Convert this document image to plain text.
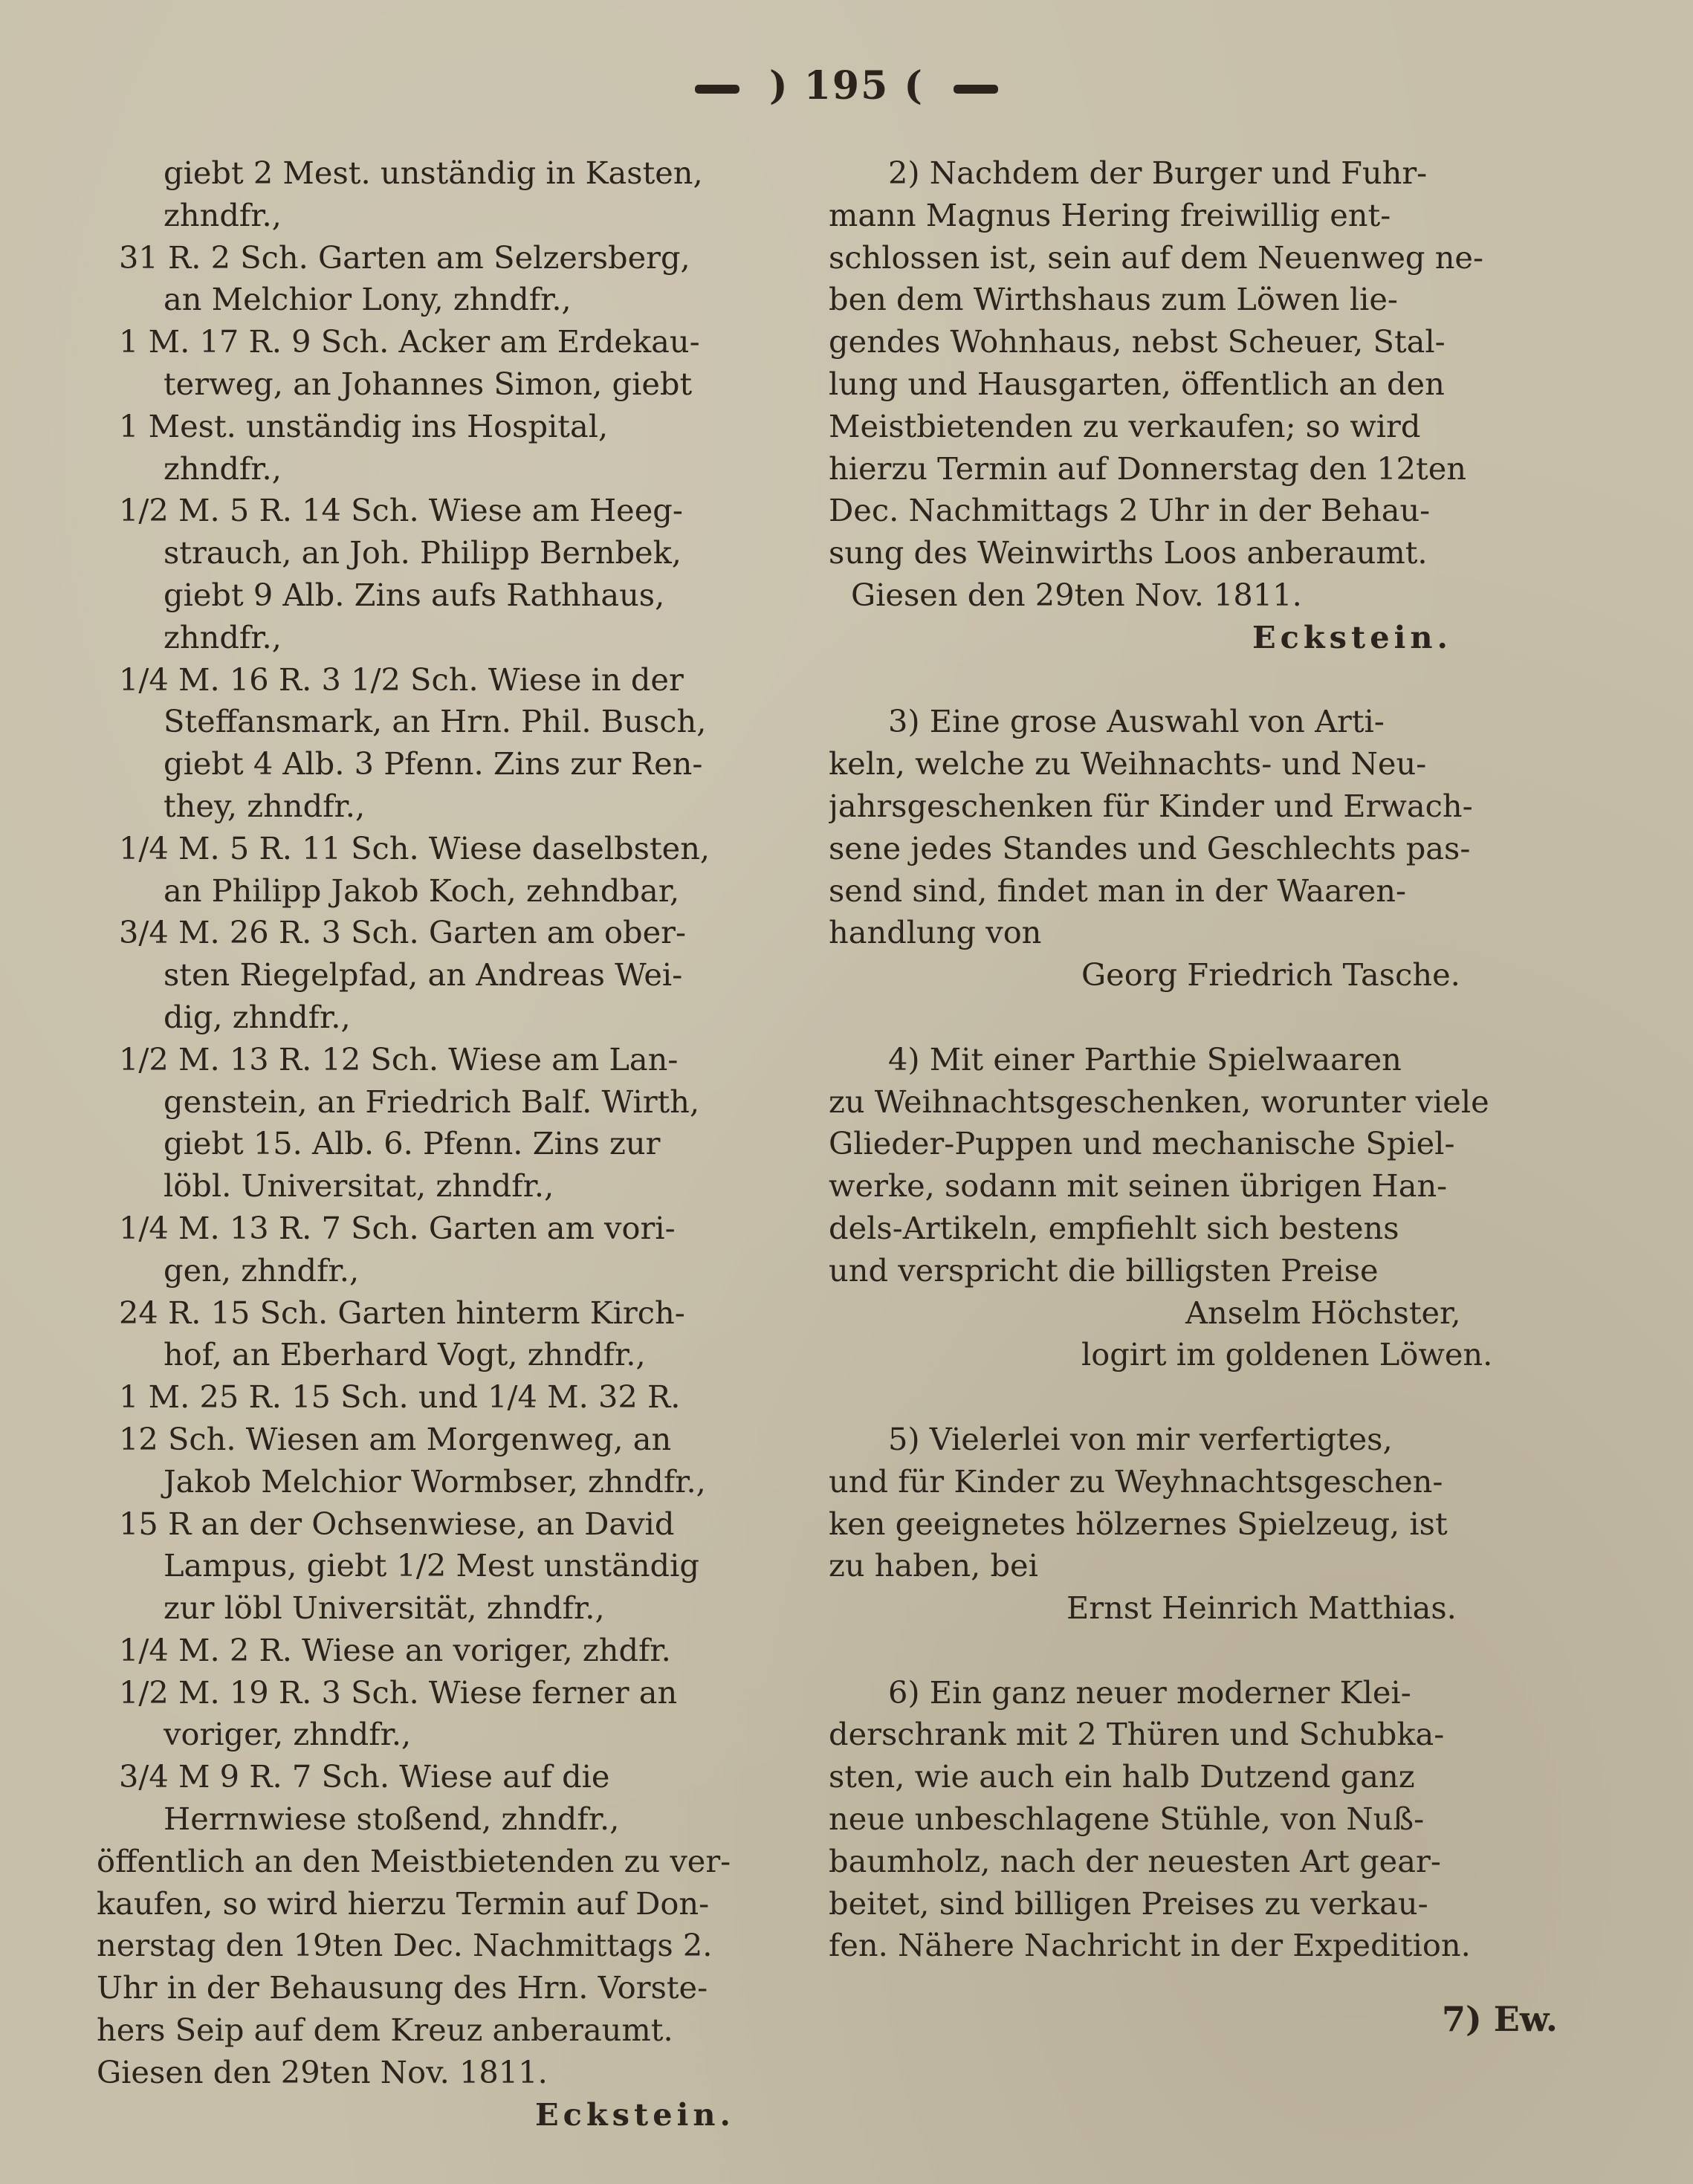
) 195 (
giebt 2 Mest. unständig in Kasten,
zhndfr.,
31 R. 2 Sch. Garten am Selzersberg,
an Melchior Lony, zhndfr.,
1 M. 17 R. 9 Sch. Acker am Erdekau-
terweg, an Johannes Simon, giebt
1 Mest. unständig ins Hospital,
zhndfr.,
1/2 M. 5 R. 14 Sch. Wiese am Heeg-
strauch, an Joh. Philipp Bernbek,
giebt 9 Alb. Zins aufs Rathhaus,
zhndfr.,
1/4 M. 16 R. 3 1/2 Sch. Wiese in der
Steffansmark, an Hrn. Phil. Busch,
giebt 4 Alb. 3 Pfenn. Zins zur Ren-
they, zhndfr.,
1/4 M. 5 R. 11 Sch. Wiese daselbsten,
an Philipp Jakob Koch, zehndbar,
3/4 M. 26 R. 3 Sch. Garten am ober-
sten Riegelpfad, an Andreas Wei-
dig, zhndfr.,
1/2 M. 13 R. 12 Sch. Wiese am Lan-
genstein, an Friedrich Balf. Wirth,
giebt 15. Alb. 6. Pfenn. Zins zur
löbl. Universitat, zhndfr.,
1/4 M. 13 R. 7 Sch. Garten am vori-
gen, zhndfr.,
24 R. 15 Sch. Garten hinterm Kirch-
hof, an Eberhard Vogt, zhndfr.,
1 M. 25 R. 15 Sch. und 1/4 M. 32 R.
12 Sch. Wiesen am Morgenweg, an
Jakob Melchior Wormbser, zhndfr.,
15 R an der Ochsenwiese, an David
Lampus, giebt 1/2 Mest unständig
zur löbl Universität, zhndfr.,
1/4 M. 2 R. Wiese an voriger, zhdfr.
1/2 M. 19 R. 3 Sch. Wiese ferner an
voriger, zhndfr.,
3/4 M 9 R. 7 Sch. Wiese auf die
Herrnwiese stoßend, zhndfr.,
öffentlich an den Meistbietenden zu ver-
kaufen, so wird hierzu Termin auf Don-
nerstag den 19ten Dec. Nachmittags 2.
Uhr in der Behausung des Hrn. Vorste-
hers Seip auf dem Kreuz anberaumt.
Giesen den 29ten Nov. 1811.
Eckstein.
2) Nachdem der Burger und Fuhr-
mann Magnus Hering freiwillig ent-
schlossen ist, sein auf dem Neuenweg ne-
ben dem Wirthshaus zum Löwen lie-
gendes Wohnhaus, nebst Scheuer, Stal-
lung und Hausgarten, öffentlich an den
Meistbietenden zu verkaufen; so wird
hierzu Termin auf Donnerstag den 12ten
Dec. Nachmittags 2 Uhr in der Behau-
sung des Weinwirths Loos anberaumt.
Giesen den 29ten Nov. 1811.
Eckstein.
3) Eine grose Auswahl von Arti-
keln, welche zu Weihnachts- und Neu-
jahrsgeschenken für Kinder und Erwach-
sene jedes Standes und Geschlechts pas-
send sind, findet man in der Waaren-
handlung von
Georg Friedrich Tasche.
4) Mit einer Parthie Spielwaaren
zu Weihnachtsgeschenken, worunter viele
Glieder-Puppen und mechanische Spiel-
werke, sodann mit seinen übrigen Han-
dels-Artikeln, empfiehlt sich bestens
und verspricht die billigsten Preise
Anselm Höchster,
logirt im goldenen Löwen.
5) Vielerlei von mir verfertigtes,
und für Kinder zu Weyhnachtsgeschen-
ken geeignetes hölzernes Spielzeug, ist
zu haben, bei
Ernst Heinrich Matthias.
6) Ein ganz neuer moderner Klei-
derschrank mit 2 Thüren und Schubka-
sten, wie auch ein halb Dutzend ganz
neue unbeschlagene Stühle, von Nuß-
baumholz, nach der neuesten Art gear-
beitet, sind billigen Preises zu verkau-
fen. Nähere Nachricht in der Expedition.
7) Ew.
